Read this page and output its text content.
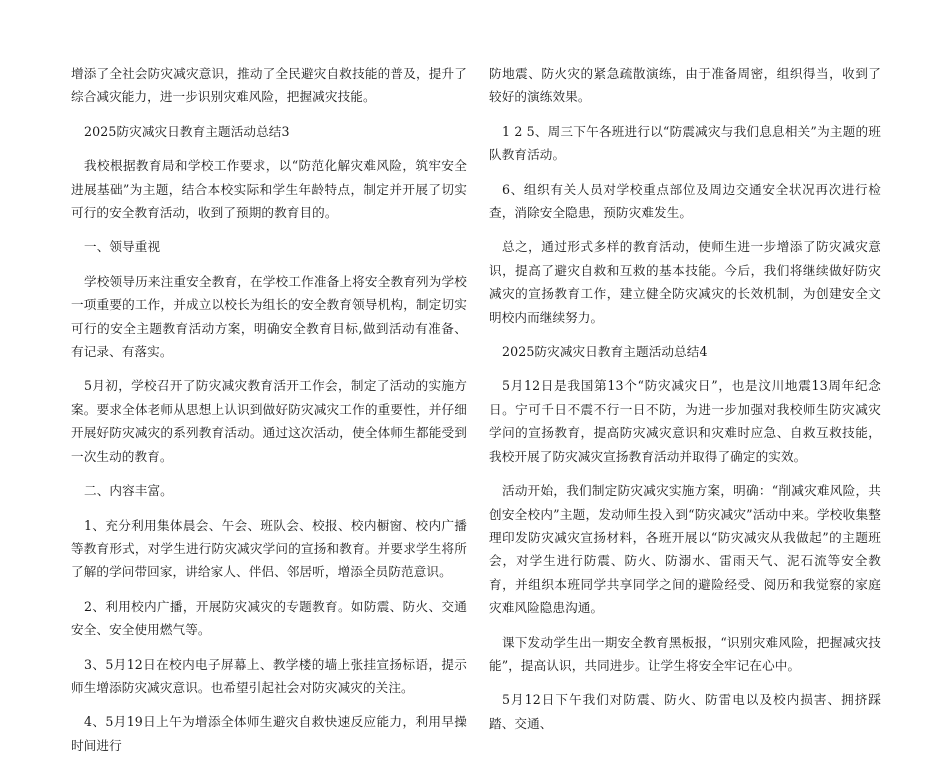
增添了全社会防灾减灾意识，推动了全民避灾自救技能的普及，提升了综合减灾能力，进一步识别灾难风险，把握减灾技能。

2025防灾减灾日教育主题活动总结3

我校根据教育局和学校工作要求，以“防范化解灾难风险，筑牢安全进展基础”为主题，结合本校实际和学生年龄特点，制定并开展了切实可行的安全教育活动，收到了预期的教育目的。

一、领导重视

学校领导历来注重安全教育，在学校工作准备上将安全教育列为学校一项重要的工作，并成立以校长为组长的安全教育领导机构，制定切实可行的安全主题教育活动方案，明确安全教育目标,做到活动有准备、有记录、有落实。

5月初，学校召开了防灾减灾教育活开工作会，制定了活动的实施方案。要求全体老师从思想上认识到做好防灾减灾工作的重要性，并仔细开展好防灾减灾的系列教育活动。通过这次活动，使全体师生都能受到一次生动的教育。

二、内容丰富。

1、充分利用集体晨会、午会、班队会、校报、校内橱窗、校内广播等教育形式，对学生进行防灾减灾学问的宣扬和教育。并要求学生将所了解的学问带回家，讲给家人、伴侣、邻居听，增添全员防范意识。

2、利用校内广播，开展防灾减灾的专题教育。如防震、防火、交通安全、安全使用燃气等。

3、5月12日在校内电子屏幕上、教学楼的墙上张挂宣扬标语，提示师生增添防灾减灾意识。也希望引起社会对防灾减灾的关注。

4、5月19日上午为增添全体师生避灾自救快速反应能力，利用早操时间进行

防地震、防火灾的紧急疏散演练，由于准备周密，组织得当，收到了较好的演练效果。

1 2 5、周三下午各班进行以“防震减灾与我们息息相关”为主题的班队教育活动。

6、组织有关人员对学校重点部位及周边交通安全状况再次进行检查，消除安全隐患，预防灾难发生。

总之，通过形式多样的教育活动，使师生进一步增添了防灾减灾意识，提高了避灾自救和互救的基本技能。今后，我们将继续做好防灾减灾的宣扬教育工作，建立健全防灾减灾的长效机制，为创建安全文明校内而继续努力。

2025防灾减灾日教育主题活动总结4

5月12日是我国第13个“防灾减灾日”，也是汶川地震13周年纪念日。宁可千日不震不行一日不防，为进一步加强对我校师生防灾减灾学问的宣扬教育，提高防灾减灾意识和灾难时应急、自救互救技能，我校开展了防灾减灾宣扬教育活动并取得了确定的实效。

活动开始，我们制定防灾减灾实施方案，明确：“削减灾难风险，共创安全校内”主题，发动师生投入到“防灾减灾”活动中来。学校收集整理印发防灾减灾宣扬材料，各班开展以“防灾减灾从我做起”的主题班会，对学生进行防震、防火、防溺水、雷雨天气、泥石流等安全教育，并组织本班同学共享同学之间的避险经受、阅历和我觉察的家庭灾难风险隐患沟通。

课下发动学生出一期安全教育黑板报，“识别灾难风险，把握减灾技能”，提高认识，共同进步。让学生将安全牢记在心中。

5月12日下午我们对防震、防火、防雷电以及校内损害、拥挤踩踏、交通、
